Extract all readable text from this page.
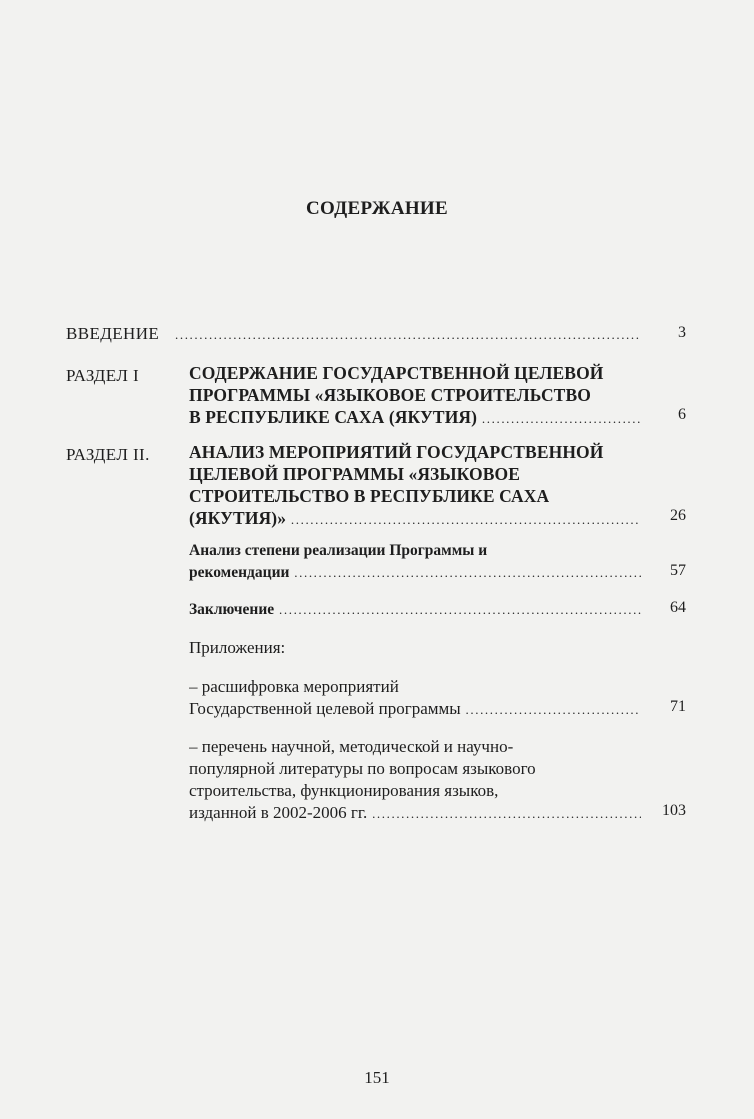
СОДЕРЖАНИЕ
ВВЕДЕНИЕ	3
РАЗДЕЛ I	СОДЕРЖАНИЕ ГОСУДАРСТВЕННОЙ ЦЕЛЕВОЙ
ПРОГРАММЫ «ЯЗЫКОВОЕ СТРОИТЕЛЬСТВО
В РЕСПУБЛИКЕ САХА (ЯКУТИЯ) .....	6
РАЗДЕЛ II. АНАЛИЗ МЕРОПРИЯТИЙ ГОСУДАРСТВЕННОЙ
ЦЕЛЕВОЙ ПРОГРАММЫ «ЯЗЫКОВОЕ
СТРОИТЕЛЬСТВО В РЕСПУБЛИКЕ САХА
(ЯКУТИЯ)» .....	26
Анализ степени реализации Программы и
рекомендации .....	57
Заключение .....	64
Приложения:
– расшифровка мероприятий
Государственной целевой программы .....	71
– перечень научной, методической и научно-
популярной литературы по вопросам языкового
строительства, функционирования языков,
изданной в 2002-2006 гг. .....	103
151
